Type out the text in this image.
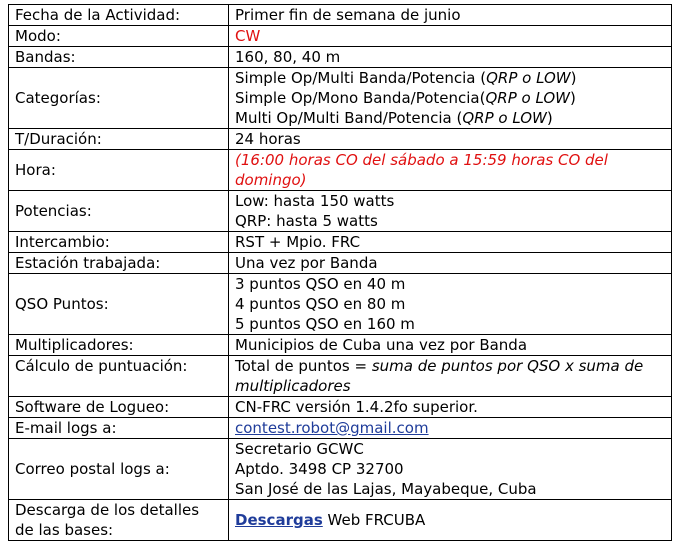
Fecha de la Actividad:	Primer fin de semana de junio
Modo:	CW
Bandas:	160, 80, 40 m
Categorías:	Simple Op/Multi Banda/Potencia (QRP o LOW)
Simple Op/Mono Banda/Potencia(QRP o LOW)
Multi Op/Multi Band/Potencia (QRP o LOW)

T/Duración:	24 horas
Hora:	(16:00 horas CO del sábado a 15:59 horas CO del domingo)
Potencias:	Low: hasta 150 watts
QRP: hasta 5 watts

Intercambio:	RST + Mpio. FRC
Estación trabajada:	Una vez por Banda
QSO Puntos:	3 puntos QSO en 40 m
4 puntos QSO en 80 m
5 puntos QSO en 160 m

Multiplicadores:	Municipios de Cuba una vez por Banda
Cálculo de puntuación:	Total de puntos = suma de puntos por QSO x suma de multiplicadores
Software de Logueo:	CN-FRC versión 1.4.2fo superior.
E-mail logs a:	contest.robot@gmail.com
Correo postal logs a:	Secretario GCWC
Aptdo. 3498 CP 32700
San José de las Lajas, Mayabeque, Cuba

Descarga de los detalles
de las bases:	Descargas Web FRCUBA
